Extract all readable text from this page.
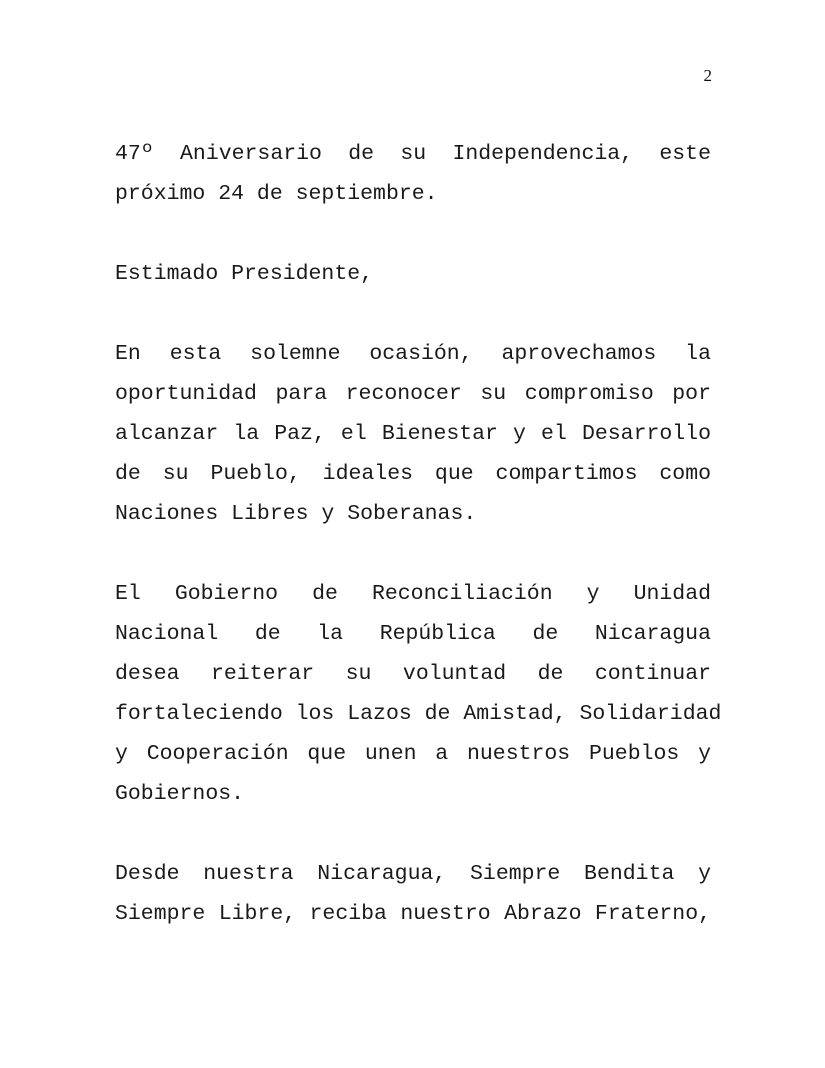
2

47º Aniversario de su Independencia, este
próximo 24 de septiembre.

Estimado Presidente,

En esta solemne ocasión, aprovechamos la
oportunidad para reconocer su compromiso por
alcanzar la Paz, el Bienestar y el Desarrollo
de su Pueblo, ideales que compartimos como
Naciones Libres y Soberanas.

El Gobierno de Reconciliación y Unidad
Nacional de la República de Nicaragua
desea reiterar su voluntad de continuar
fortaleciendo los Lazos de Amistad, Solidaridad
y Cooperación que unen a nuestros Pueblos y
Gobiernos.

Desde nuestra Nicaragua, Siempre Bendita y
Siempre Libre, reciba nuestro Abrazo Fraterno,
